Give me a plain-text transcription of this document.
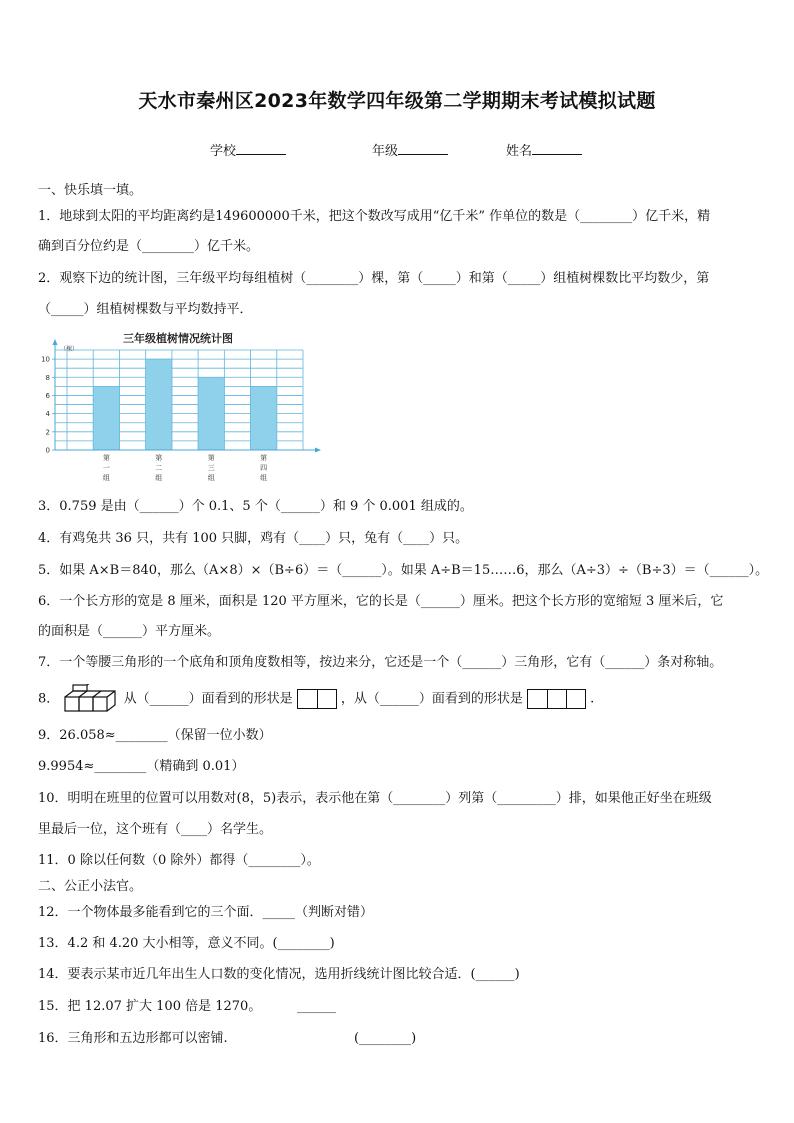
天水市秦州区2023年数学四年级第二学期期末考试模拟试题
学校	年级	姓名
一、快乐填一填。
1．地球到太阳的平均距离约是149600000千米，把这个数改写成用“亿千米” 作单位的数是（________）亿千米，精
确到百分位约是（________）亿千米。
2．观察下边的统计图，三年级平均每组植树（________）棵，第（_____）和第（_____）组植树棵数比平均数少，第
（_____）组植树棵数与平均数持平．
三年级植树情况统计图
（棵）
0
2
4
6
8
10
第
一
组
第
二
组
第
三
组
第
四
组
3．0.759 是由（______）个 0.1、5 个（______）和 9 个 0.001 组成的。
4．有鸡兔共 36 只，共有 100 只脚，鸡有（____）只，兔有（____）只。
5．如果 A×B＝840，那么（A×8）×（B÷6）＝（______）。如果 A÷B＝15……6，那么（A÷3）÷（B÷3）＝（______）。
6．一个长方形的宽是 8 厘米，面积是 120 平方厘米，它的长是（______）厘米。把这个长方形的宽缩短 3 厘米后，它
的面积是（______）平方厘米。
7．一个等腰三角形的一个底角和顶角度数相等，按边来分，它还是一个（______）三角形，它有（______）条对称轴。
8．	从（______）面看到的形状是	，从（______）面看到的形状是	.
9．26.058≈________（保留一位小数）
9.9954≈________（精确到 0.01）
10．明明在班里的位置可以用数对(8，5)表示，表示他在第（________）列第（_________）排，如果他正好坐在班级
里最后一位，这个班有（____）名学生。
11．0 除以任何数（0 除外）都得（________）。
二、公正小法官。
12．一个物体最多能看到它的三个面．_____（判断对错）
13．4.2 和 4.20 大小相等，意义不同。(________)
14．要表示某市近几年出生人口数的变化情况，选用折线统计图比较合适．(______)
15．把 12.07 扩大 100 倍是 1270。	______
16．三角形和五边形都可以密铺.	(________)
